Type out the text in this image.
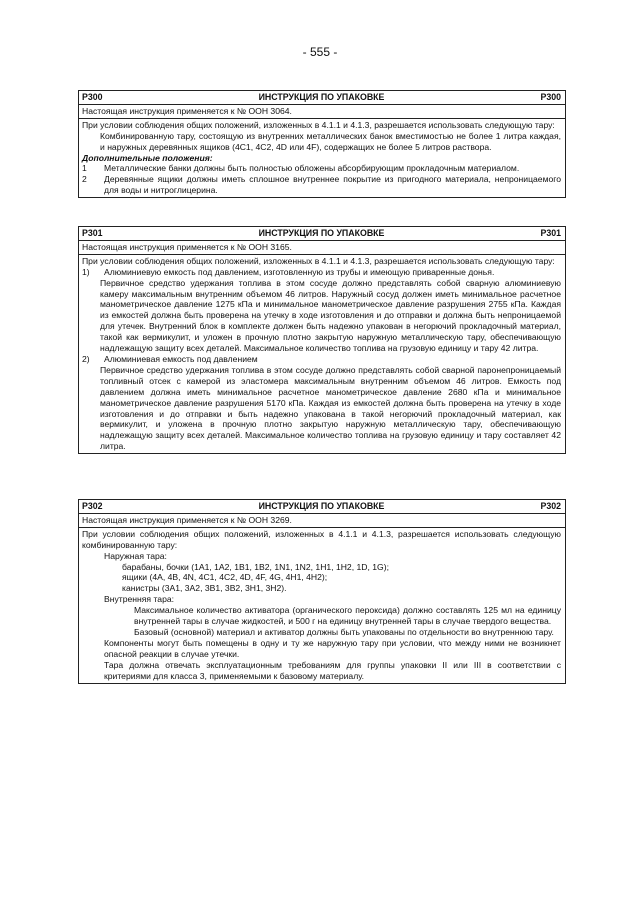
- 555 -
P300	ИНСТРУКЦИЯ ПО УПАКОВКЕ	P300
Настоящая инструкция применяется к № ООН 3064.
При условии соблюдения общих положений, изложенных в 4.1.1 и 4.1.3, разрешается использовать следующую тару:
Комбинированную тару, состоящую из внутренних металлических банок вместимостью не более 1 литра каждая, и наружных деревянных ящиков (4C1, 4C2, 4D или 4F), содержащих не более 5 литров раствора.
Дополнительные положения:
1	Металлические банки должны быть полностью обложены абсорбирующим прокладочным материалом.
2	Деревянные ящики должны иметь сплошное внутреннее покрытие из пригодного материала, непроницаемого для воды и нитроглицерина.
P301	ИНСТРУКЦИЯ ПО УПАКОВКЕ	P301
Настоящая инструкция применяется к № ООН 3165.
При условии соблюдения общих положений, изложенных в 4.1.1 и 4.1.3, разрешается использовать следующую тару:
1)	Алюминиевую емкость под давлением, изготовленную из трубы и имеющую приваренные донья.
Первичное средство удержания топлива в этом сосуде должно представлять собой сварную алюминиевую камеру максимальным внутренним объемом 46 литров. Наружный сосуд должен иметь минимальное расчетное манометрическое давление 1275 кПа и минимальное манометрическое давление разрушения 2755 кПа. Каждая из емкостей должна быть проверена на утечку в ходе изготовления и до отправки и должна быть непроницаемой для утечек. Внутренний блок в комплекте должен быть надежно упакован в негорючий прокладочный материал, такой как вермикулит, и уложен в прочную плотно закрытую наружную металлическую тару, обеспечивающую надлежащую защиту всех деталей. Максимальное количество топлива на грузовую единицу и тару 42 литра.
2)	Алюминиевая емкость под давлением
Первичное средство удержания топлива в этом сосуде должно представлять собой сварной паронепроницаемый топливный отсек с камерой из эластомера максимальным внутренним объемом 46 литров. Емкость под давлением должна иметь минимальное расчетное манометрическое давление 2680 кПа и минимальное манометрическое давление разрушения 5170 кПа. Каждая из емкостей должна быть проверена на утечку в ходе изготовления и до отправки и быть надежно упакована в такой негорючий прокладочный материал, как вермикулит, и уложена в прочную плотно закрытую наружную металлическую тару, обеспечивающую надлежащую защиту всех деталей. Максимальное количество топлива на грузовую единицу и тару составляет 42 литра.
P302	ИНСТРУКЦИЯ ПО УПАКОВКЕ	P302
Настоящая инструкция применяется к № ООН 3269.
При условии соблюдения общих положений, изложенных в 4.1.1 и 4.1.3, разрешается использовать следующую комбинированную тару:
Наружная тара:
барабаны, бочки (1A1, 1A2, 1B1, 1B2, 1N1, 1N2, 1H1, 1H2, 1D, 1G);
ящики (4A, 4B, 4N, 4C1, 4C2, 4D, 4F, 4G, 4H1, 4H2);
канистры (3A1, 3A2, 3B1, 3B2, 3H1, 3H2).
Внутренняя тара:
Максимальное количество активатора (органического пероксида) должно составлять 125 мл на единицу внутренней тары в случае жидкостей, и 500 г на единицу внутренней тары в случае твердого вещества.
Базовый (основной) материал и активатор должны быть упакованы по отдельности во внутреннюю тару.
Компоненты могут быть помещены в одну и ту же наружную тару при условии, что между ними не возникнет опасной реакции в случае утечки.
Тара должна отвечать эксплуатационным требованиям для группы упаковки II или III в соответствии с критериями для класса 3, применяемыми к базовому материалу.
